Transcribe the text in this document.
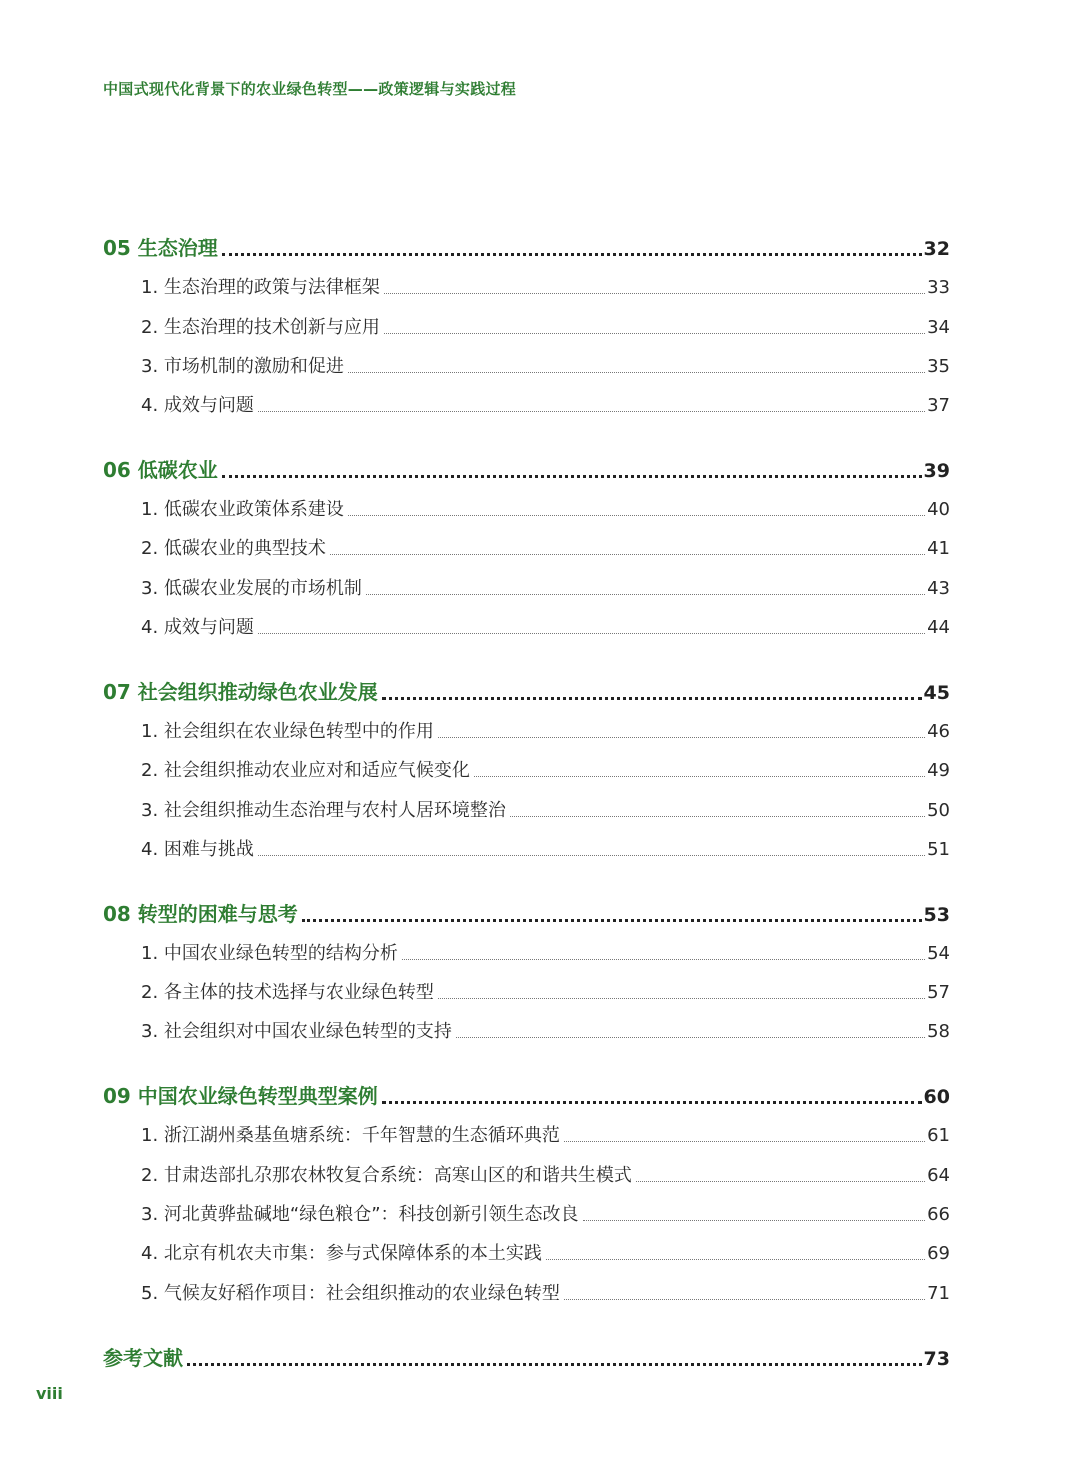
中国式现代化背景下的农业绿色转型——政策逻辑与实践过程
05 生态治理	32
1. 生态治理的政策与法律框架	33
2. 生态治理的技术创新与应用	34
3. 市场机制的激励和促进	35
4. 成效与问题	37
06 低碳农业	39
1. 低碳农业政策体系建设	40
2. 低碳农业的典型技术	41
3. 低碳农业发展的市场机制	43
4. 成效与问题	44
07 社会组织推动绿色农业发展	45
1. 社会组织在农业绿色转型中的作用	46
2. 社会组织推动农业应对和适应气候变化	49
3. 社会组织推动生态治理与农村人居环境整治	50
4. 困难与挑战	51
08 转型的困难与思考	53
1. 中国农业绿色转型的结构分析	54
2. 各主体的技术选择与农业绿色转型	57
3. 社会组织对中国农业绿色转型的支持	58
09 中国农业绿色转型典型案例	60
1. 浙江湖州桑基鱼塘系统：千年智慧的生态循环典范	61
2. 甘肃迭部扎尕那农林牧复合系统：高寒山区的和谐共生模式	64
3. 河北黄骅盐碱地“绿色粮仓”：科技创新引领生态改良	66
4. 北京有机农夫市集：参与式保障体系的本土实践	69
5. 气候友好稻作项目：社会组织推动的农业绿色转型	71
参考文献	73
viii
